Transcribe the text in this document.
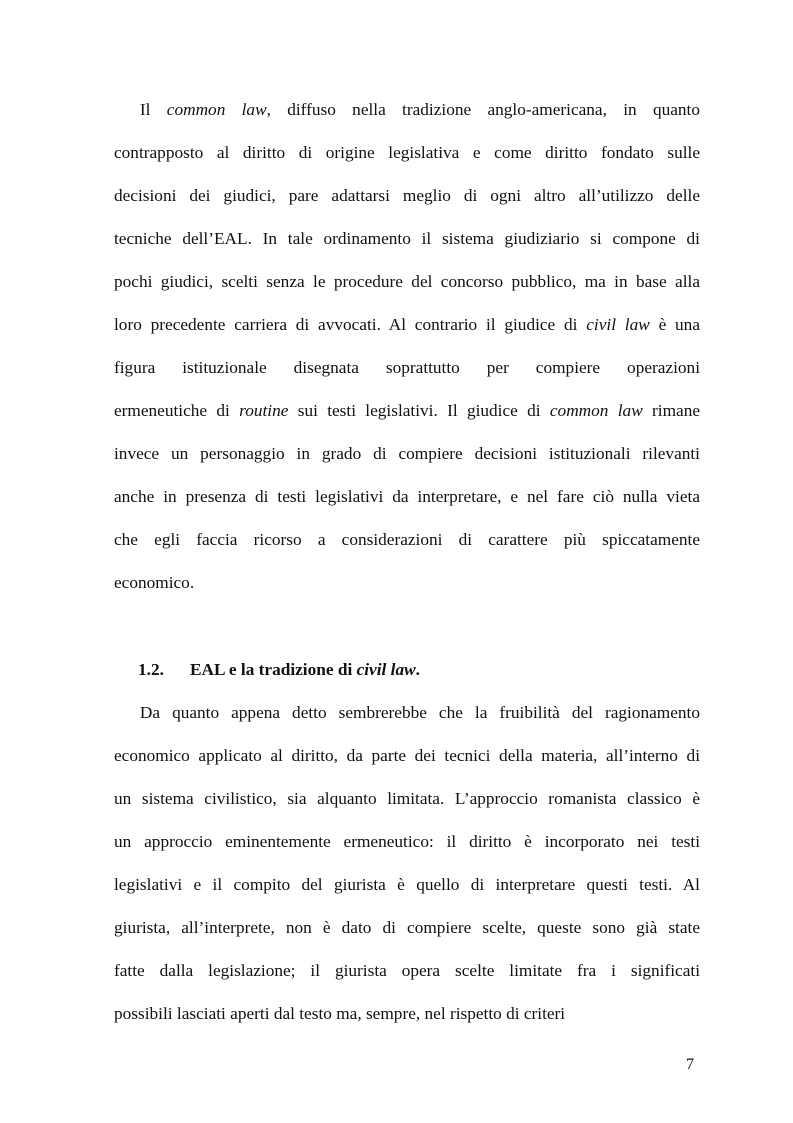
  Il common law, diffuso nella tradizione anglo-americana, in quanto
contrapposto al diritto di origine legislativa e come diritto fondato sulle
decisioni dei giudici, pare adattarsi meglio di ogni altro all’utilizzo delle
tecniche dell’EAL. In tale ordinamento il sistema giudiziario si compone di
pochi giudici, scelti senza le procedure del concorso pubblico, ma in base alla
loro precedente carriera di avvocati. Al contrario il giudice di civil law è una
figura istituzionale disegnata soprattutto per compiere operazioni
ermeneutiche di routine sui testi legislativi. Il giudice di common law rimane
invece un personaggio in grado di compiere decisioni istituzionali rilevanti
anche in presenza di testi legislativi da interpretare, e nel fare ciò nulla vieta
che egli faccia ricorso a considerazioni di carattere più spiccatamente
economico.
1.2. EAL e la tradizione di civil law.
  Da quanto appena detto sembrerebbe che la fruibilità del ragionamento
economico applicato al diritto, da parte dei tecnici della materia, all’interno di
un sistema civilistico, sia alquanto limitata. L’approccio romanista classico è
un approccio eminentemente ermeneutico: il diritto è incorporato nei testi
legislativi e il compito del giurista è quello di interpretare questi testi. Al
giurista, all’interprete, non è dato di compiere scelte, queste sono già state
fatte dalla legislazione; il giurista opera scelte limitate fra i significati
possibili lasciati aperti dal testo ma, sempre, nel rispetto di criteri
7
